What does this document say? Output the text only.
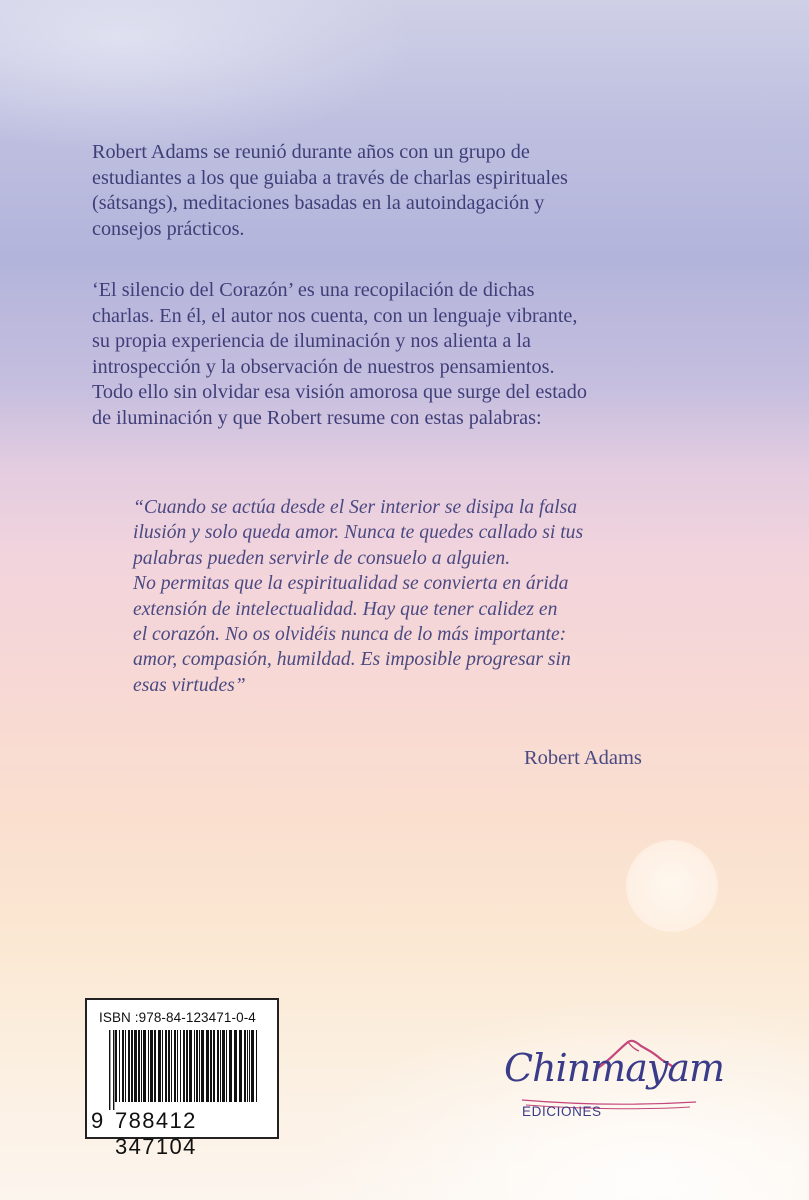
Robert Adams se reunió durante años con un grupo de
estudiantes a los que guiaba a través de charlas espirituales
(sátsangs), meditaciones basadas en la autoindagación y
consejos prácticos.
‘El silencio del Corazón’ es una recopilación de dichas
charlas. En él, el autor nos cuenta, con un lenguaje vibrante,
su propia experiencia de iluminación y nos alienta a la
introspección y la observación de nuestros pensamientos.
Todo ello sin olvidar esa visión amorosa que surge del estado
de iluminación y que Robert resume con estas palabras:
“Cuando se actúa desde el Ser interior se disipa la falsa
ilusión y solo queda amor. Nunca te quedes callado si tus
palabras pueden servirle de consuelo a alguien.
No permitas que la espiritualidad se convierta en árida
extensión de intelectualidad. Hay que tener calidez en
el corazón. No os olvidéis nunca de lo más importante:
amor, compasión, humildad. Es imposible progresar sin
esas virtudes”
Robert Adams
ISBN :978-84-123471-0-4
9 788412 347104
Chinmayam
EDICIONES
